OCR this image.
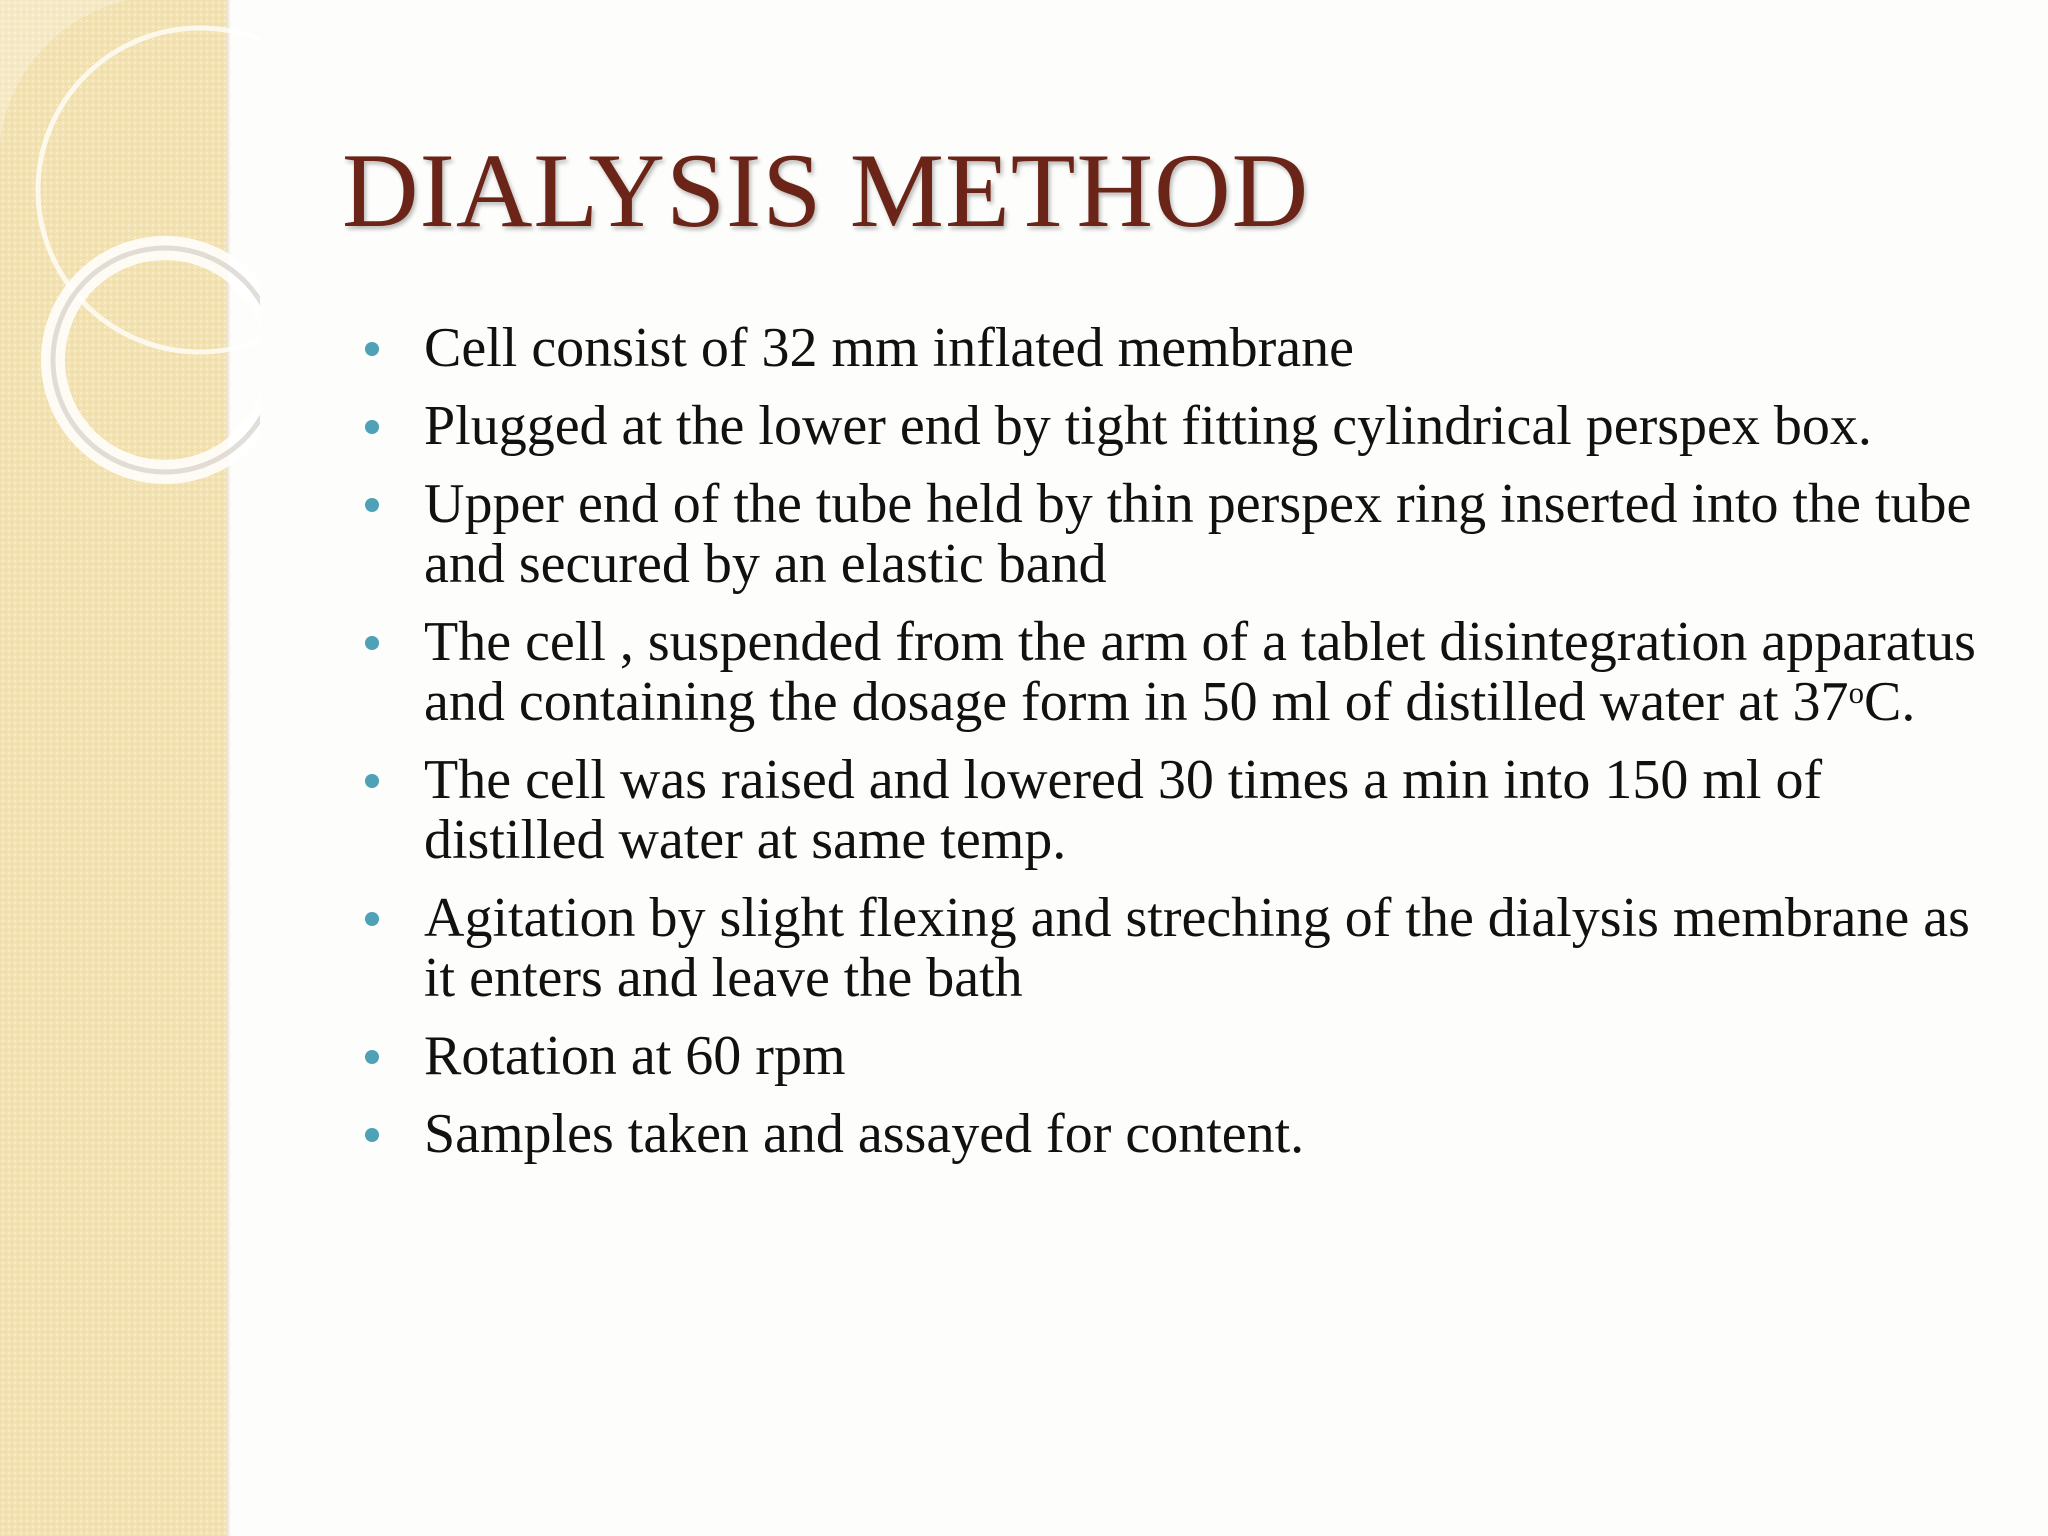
DIALYSIS METHOD
Cell consist of 32 mm inflated membrane
Plugged at the lower end by tight fitting cylindrical perspex box.
Upper end of the tube held by thin perspex ring inserted into the tube and secured by an elastic band
The cell , suspended from the arm of a tablet disintegration apparatus and containing the dosage form in 50 ml of distilled water at 37$^o$C.
The cell was raised and lowered 30 times a min into 150 ml of distilled water at same temp.
Agitation by slight flexing and streching of the dialysis membrane as it enters and leave the bath
Rotation at 60 rpm
Samples taken and assayed for content.
